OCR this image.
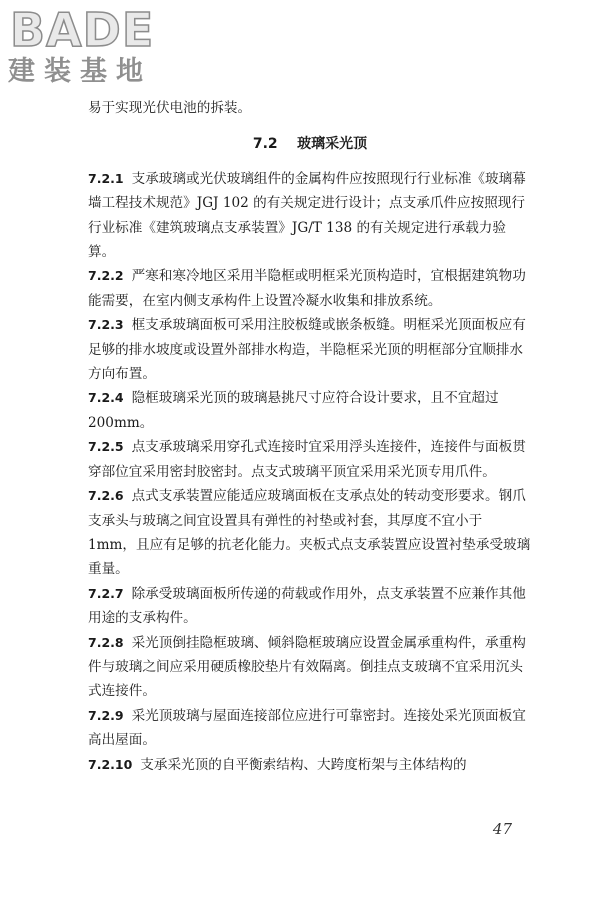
BADE
建装基地

易于实现光伏电池的拆装。

7.2 玻璃采光顶

7.2.1 支承玻璃或光伏玻璃组件的金属构件应按照现行行业标准《玻璃幕墙工程技术规范》JGJ 102 的有关规定进行设计；点支承爪件应按照现行行业标准《建筑玻璃点支承装置》JG/T 138 的有关规定进行承载力验算。

7.2.2 严寒和寒冷地区采用半隐框或明框采光顶构造时，宜根据建筑物功能需要，在室内侧支承构件上设置冷凝水收集和排放系统。

7.2.3 框支承玻璃面板可采用注胶板缝或嵌条板缝。明框采光顶面板应有足够的排水坡度或设置外部排水构造，半隐框采光顶的明框部分宜顺排水方向布置。

7.2.4 隐框玻璃采光顶的玻璃悬挑尺寸应符合设计要求，且不宜超过 200mm。

7.2.5 点支承玻璃采用穿孔式连接时宜采用浮头连接件，连接件与面板贯穿部位宜采用密封胶密封。点支式玻璃平顶宜采用采光顶专用爪件。

7.2.6 点式支承装置应能适应玻璃面板在支承点处的转动变形要求。钢爪支承头与玻璃之间宜设置具有弹性的衬垫或衬套，其厚度不宜小于 1mm，且应有足够的抗老化能力。夹板式点支承装置应设置衬垫承受玻璃重量。

7.2.7 除承受玻璃面板所传递的荷载或作用外，点支承装置不应兼作其他用途的支承构件。

7.2.8 采光顶倒挂隐框玻璃、倾斜隐框玻璃应设置金属承重构件，承重构件与玻璃之间应采用硬质橡胶垫片有效隔离。倒挂点支玻璃不宜采用沉头式连接件。

7.2.9 采光顶玻璃与屋面连接部位应进行可靠密封。连接处采光顶面板宜高出屋面。

7.2.10 支承采光顶的自平衡索结构、大跨度桁架与主体结构的

47
